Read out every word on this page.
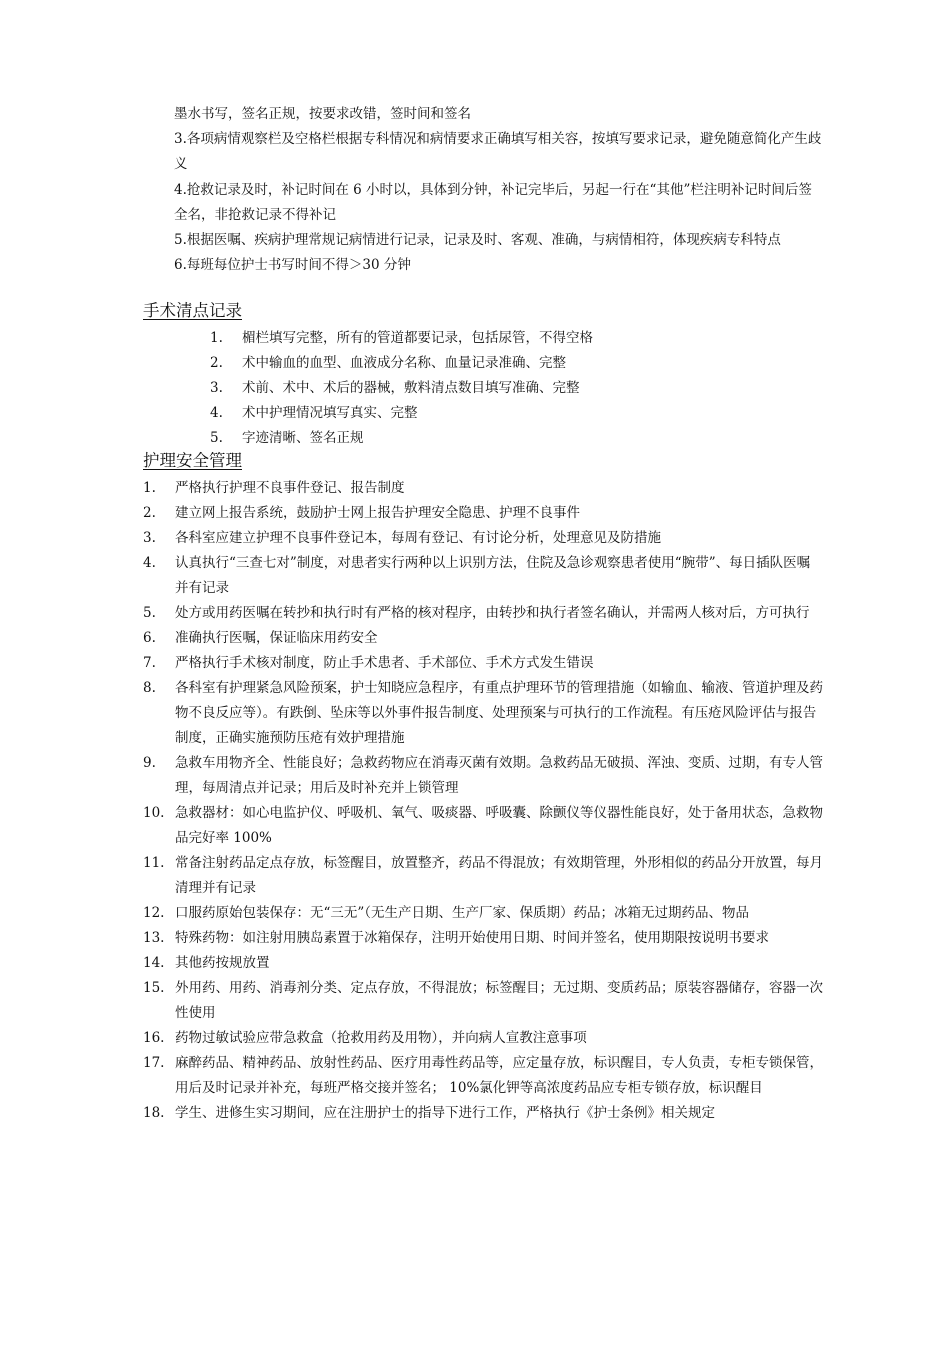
墨水书写，签名正规，按要求改错，签时间和签名

3.各项病情观察栏及空格栏根据专科情况和病情要求正确填写相关容，按填写要求记录，避免随意简化产生歧义

4.抢救记录及时，补记时间在 6 小时以，具体到分钟，补记完毕后，另起一行在“其他”栏注明补记时间后签全名，非抢救记录不得补记

5.根据医嘱、疾病护理常规记病情进行记录，记录及时、客观、准确，与病情相符，体现疾病专科特点

6.每班每位护士书写时间不得＞30 分钟

手术清点记录
1.	楣栏填写完整，所有的管道都要记录，包括尿管，不得空格
2.	术中输血的血型、血液成分名称、血量记录准确、完整
3.	术前、术中、术后的器械，敷料清点数目填写准确、完整
4.	术中护理情况填写真实、完整
5.	字迹清晰、签名正规
护理安全管理
1.	严格执行护理不良事件登记、报告制度
2.	建立网上报告系统，鼓励护士网上报告护理安全隐患、护理不良事件
3.	各科室应建立护理不良事件登记本，每周有登记、有讨论分析，处理意见及防措施
4.	认真执行“三查七对”制度，对患者实行两种以上识别方法，住院及急诊观察患者使用“腕带”、每日插队医嘱并有记录
5.	处方或用药医嘱在转抄和执行时有严格的核对程序，由转抄和执行者签名确认，并需两人核对后，方可执行
6.	准确执行医嘱，保证临床用药安全
7.	严格执行手术核对制度，防止手术患者、手术部位、手术方式发生错误
8.	各科室有护理紧急风险预案，护士知晓应急程序，有重点护理环节的管理措施（如输血、输液、管道护理及药物不良反应等）。有跌倒、坠床等以外事件报告制度、处理预案与可执行的工作流程。有压疮风险评估与报告制度，正确实施预防压疮有效护理措施
9.	急救车用物齐全、性能良好；急救药物应在消毒灭菌有效期。急救药品无破损、浑浊、变质、过期，有专人管理，每周清点并记录；用后及时补充并上锁管理
10. 急救器材：如心电监护仪、呼吸机、氧气、吸痰器、呼吸囊、除颤仪等仪器性能良好，处于备用状态，急救物品完好率 100%
11. 常备注射药品定点存放，标签醒目，放置整齐，药品不得混放；有效期管理，外形相似的药品分开放置，每月清理并有记录
12. 口服药原始包装保存：无“三无”（无生产日期、生产厂家、保质期）药品；冰箱无过期药品、物品
13. 特殊药物：如注射用胰岛素置于冰箱保存，注明开始使用日期、时间并签名，使用期限按说明书要求
14. 其他药按规放置
15. 外用药、用药、消毒剂分类、定点存放，不得混放；标签醒目；无过期、变质药品；原装容器储存，容器一次性使用
16. 药物过敏试验应带急救盒（抢救用药及用物），并向病人宣教注意事项
17. 麻醉药品、精神药品、放射性药品、医疗用毒性药品等，应定量存放，标识醒目，专人负责，专柜专锁保管，用后及时记录并补充，每班严格交接并签名； 10%氯化钾等高浓度药品应专柜专锁存放，标识醒目
18. 学生、进修生实习期间，应在注册护士的指导下进行工作，严格执行《护士条例》相关规定
